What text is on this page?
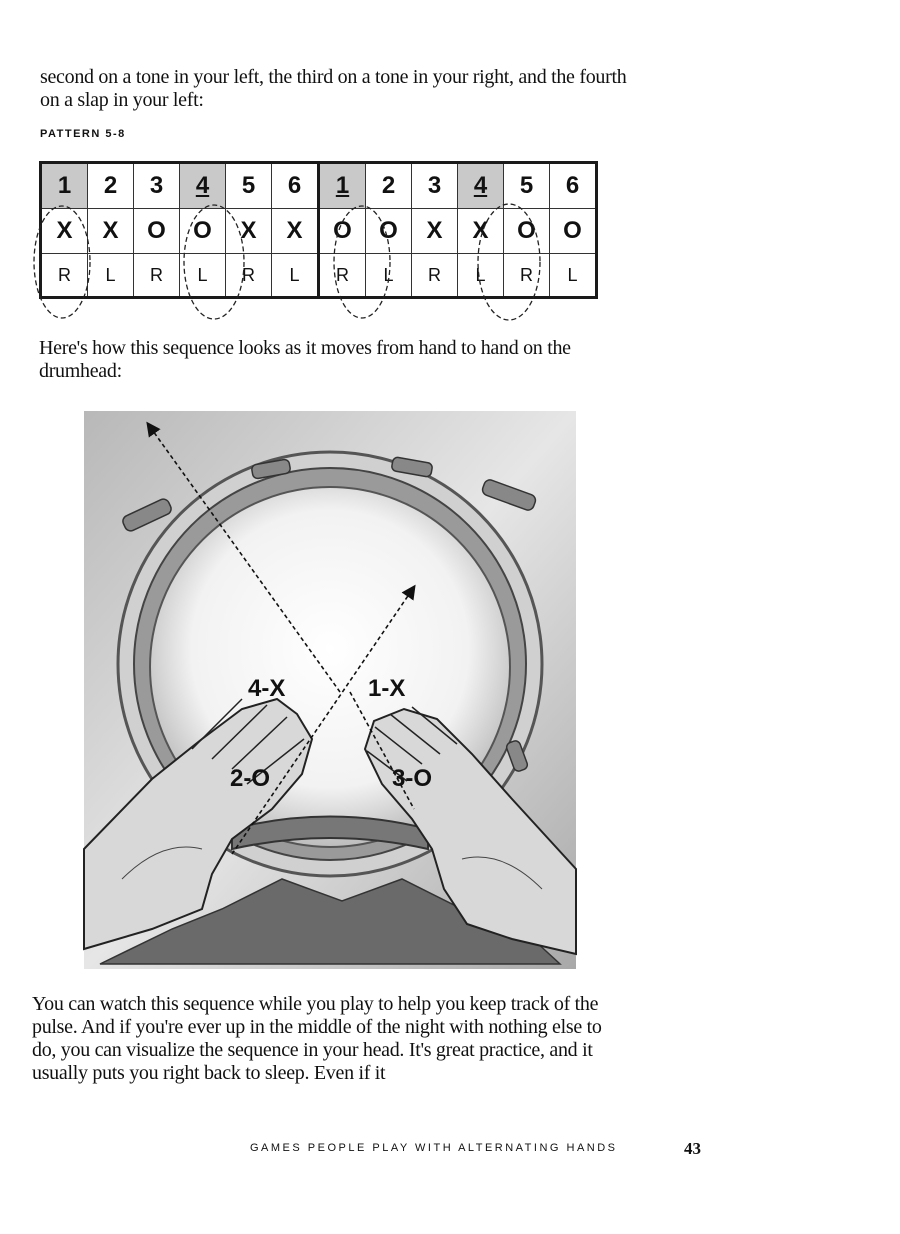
second on a tone in your left, the third on a tone in your right, and the fourth on a slap in your left:

PATTERN 5-8
1	2	3	4	5	6	1	2	3	4	5	6
X	X	O	O	X	X	O	O	X	X	O	O
R	L	R	L	R	L	R	L	R	L	R	L

Here's how this sequence looks as it moves from hand to hand on the drumhead:

4-X	1-X
2-O	3-O

You can watch this sequence while you play to help you keep track of the pulse. And if you're ever up in the middle of the night with nothing else to do, you can visualize the sequence in your head. It's great practice, and it usually puts you right back to sleep. Even if it

GAMES PEOPLE PLAY WITH ALTERNATING HANDS	43
